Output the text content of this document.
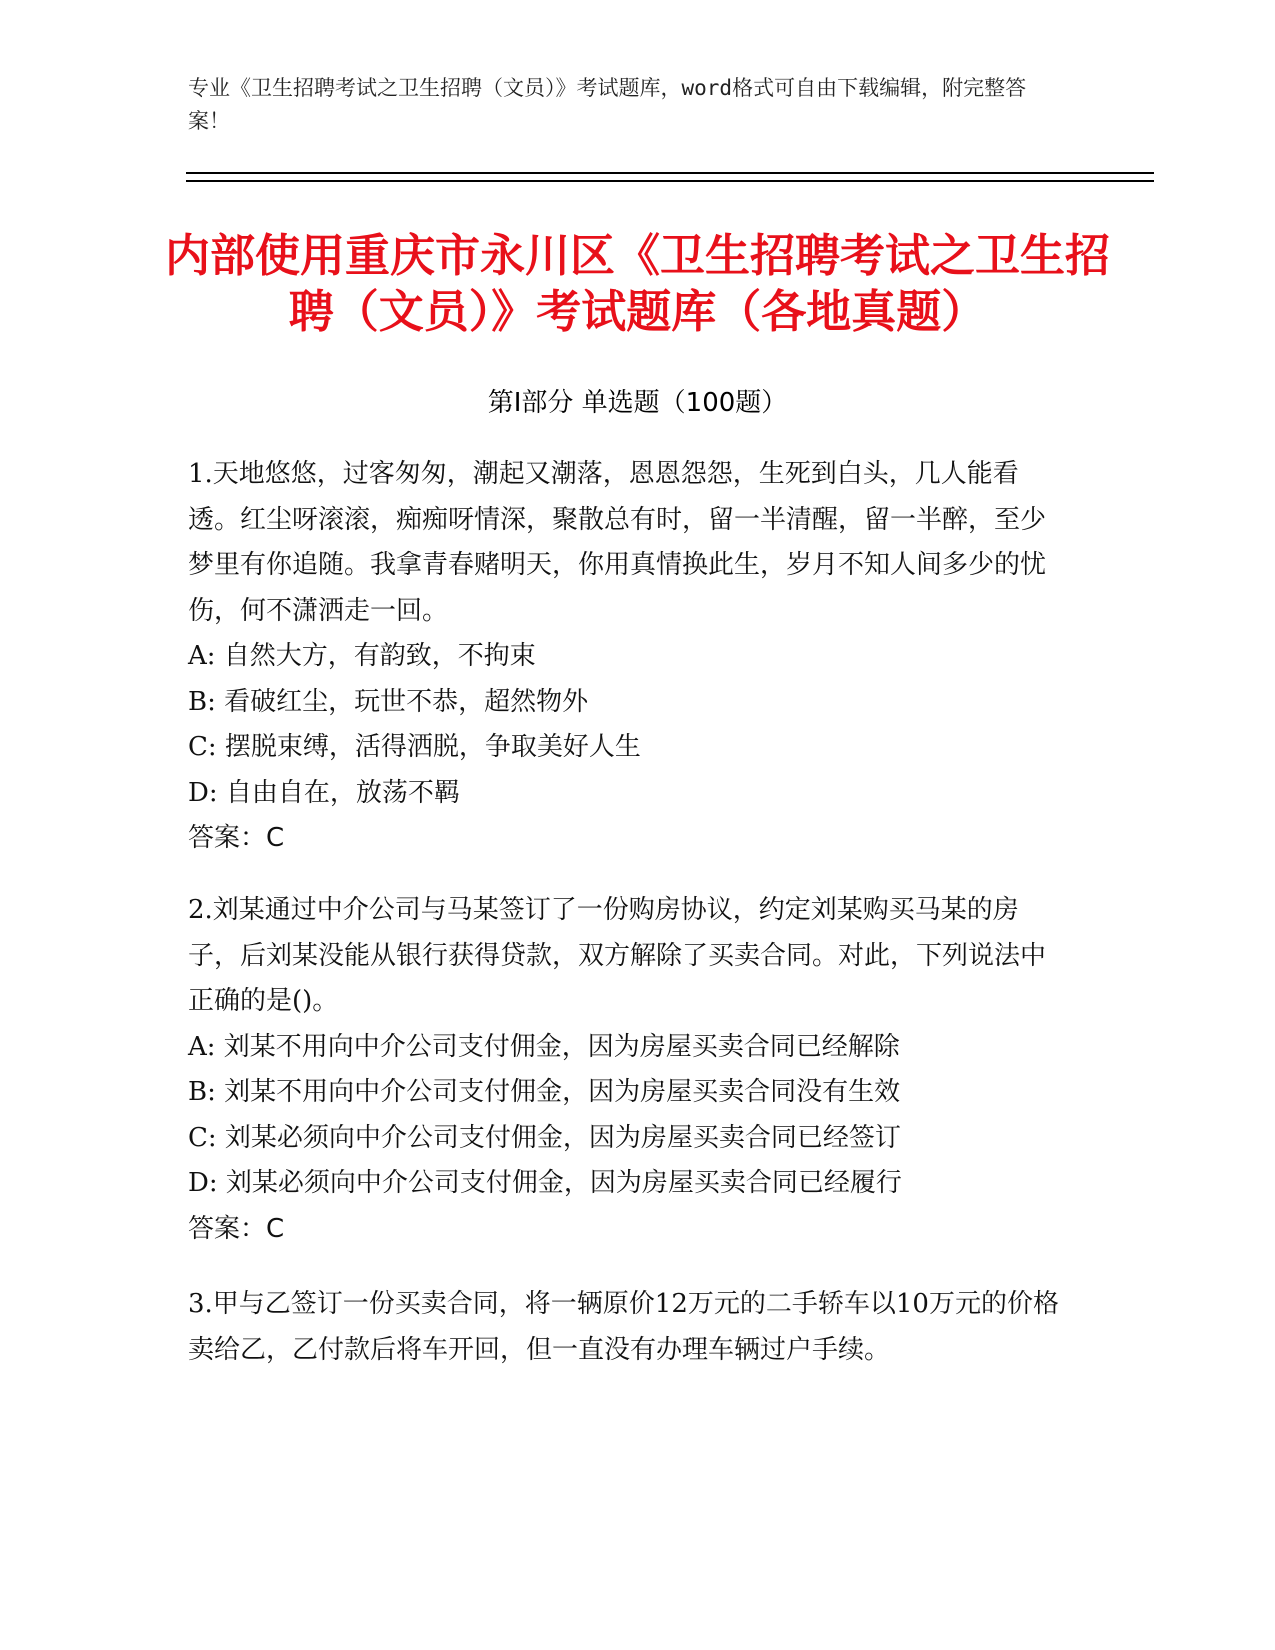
专业《卫生招聘考试之卫生招聘（文员）》考试题库，word格式可自由下载编辑，附完整答案！
内部使用重庆市永川区《卫生招聘考试之卫生招聘（文员）》考试题库（各地真题）
第Ⅰ部分 单选题（100题）

1.天地悠悠，过客匆匆，潮起又潮落，恩恩怨怨，生死到白头，几人能看透。红尘呀滚滚，痴痴呀情深，聚散总有时，留一半清醒，留一半醉，至少梦里有你追随。我拿青春赌明天，你用真情换此生，岁月不知人间多少的忧伤，何不潇洒走一回。

A: 自然大方，有韵致，不拘束

B: 看破红尘，玩世不恭，超然物外

C: 摆脱束缚，活得洒脱，争取美好人生

D: 自由自在，放荡不羁

答案：C

2.刘某通过中介公司与马某签订了一份购房协议，约定刘某购买马某的房子，后刘某没能从银行获得贷款，双方解除了买卖合同。对此，下列说法中正确的是()。

A: 刘某不用向中介公司支付佣金，因为房屋买卖合同已经解除

B: 刘某不用向中介公司支付佣金，因为房屋买卖合同没有生效

C: 刘某必须向中介公司支付佣金，因为房屋买卖合同已经签订

D: 刘某必须向中介公司支付佣金，因为房屋买卖合同已经履行

答案：C

3.甲与乙签订一份买卖合同，将一辆原价12万元的二手轿车以10万元的价格卖给乙，乙付款后将车开回，但一直没有办理车辆过户手续。
